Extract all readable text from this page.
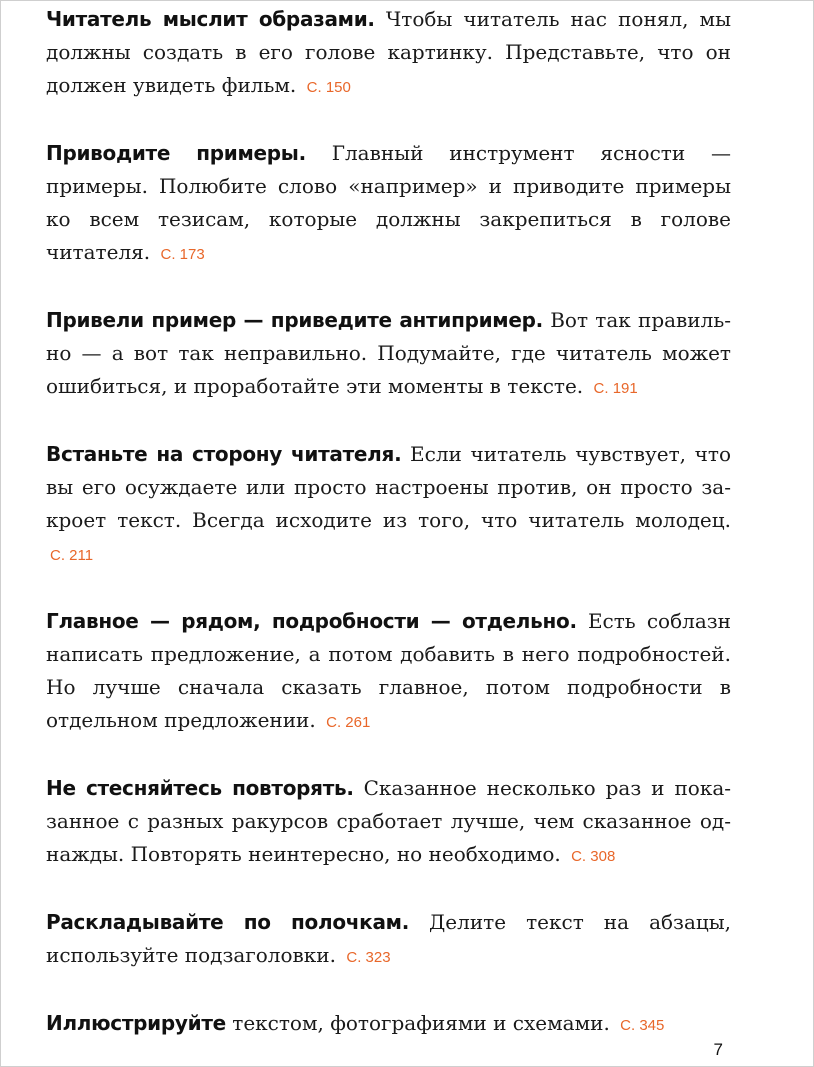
Читатель мыслит образами. Чтобы читатель нас понял, мы должны создать в его голове картинку. Представьте, что он должен увидеть фильм. С. 150

Приводите примеры. Главный инструмент ясности — примеры. Полюбите слово «например» и приводите примеры ко всем тезисам, которые должны закрепиться в голове читателя. С. 173

Привели пример — приведите антипример. Вот так правильно — а вот так неправильно. Подумайте, где читатель может ошибиться, и проработайте эти моменты в тексте. С. 191

Встаньте на сторону читателя. Если читатель чувствует, что вы его осуждаете или просто настроены против, он просто закроет текст. Всегда исходите из того, что читатель молодец. С. 211

Главное — рядом, подробности — отдельно. Есть соблазн написать предложение, а потом добавить в него подробностей. Но лучше сначала сказать главное, потом подробности в отдельном предложении. С. 261

Не стесняйтесь повторять. Сказанное несколько раз и показанное с разных ракурсов сработает лучше, чем сказанное однажды. Повторять неинтересно, но необходимо. С. 308

Раскладывайте по полочкам. Делите текст на абзацы, используйте подзаголовки. С. 323

Иллюстрируйте текстом, фотографиями и схемами. С. 345

7
